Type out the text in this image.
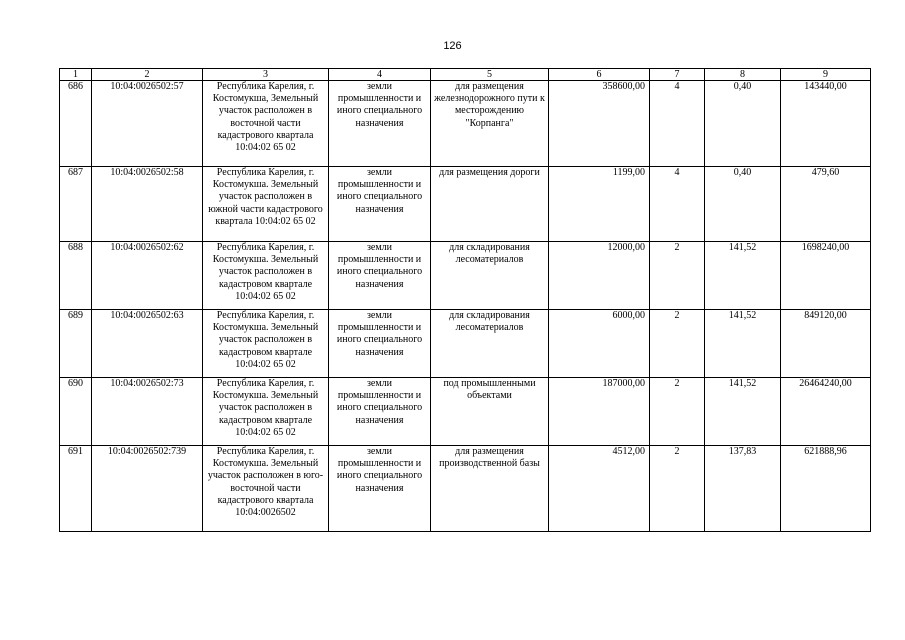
126
1	2	3	4	5	6	7	8	9
686	10:04:0026502:57	Республика Карелия, г. Костомукша, Земельный участок расположен в восточной части кадастрового квартала 10:04:02 65 02	земли промышленности и иного специального назначения	для размещения железнодорожного пути к месторождению "Корпанга"	358600,00	4	0,40	143440,00
687	10:04:0026502:58	Республика Карелия, г. Костомукша. Земельный участок расположен в южной части кадастрового квартала 10:04:02 65 02	земли промышленности и иного специального назначения	для размещения дороги	1199,00	4	0,40	479,60
688	10:04:0026502:62	Республика Карелия, г. Костомукша. Земельный участок расположен в кадастровом квартале 10:04:02 65 02	земли промышленности и иного специального назначения	для складирования лесоматериалов	12000,00	2	141,52	1698240,00
689	10:04:0026502:63	Республика Карелия, г. Костомукша. Земельный участок расположен в кадастровом квартале 10:04:02 65 02	земли промышленности и иного специального назначения	для складирования лесоматериалов	6000,00	2	141,52	849120,00
690	10:04:0026502:73	Республика Карелия, г. Костомукша. Земельный участок расположен в кадастровом квартале 10:04:02 65 02	земли промышленности и иного специального назначения	под промышленными объектами	187000,00	2	141,52	26464240,00
691	10:04:0026502:739	Республика Карелия, г. Костомукша. Земельный участок расположен в юго-восточной части кадастрового квартала 10:04:0026502	земли промышленности и иного специального назначения	для размещения производственной базы	4512,00	2	137,83	621888,96
